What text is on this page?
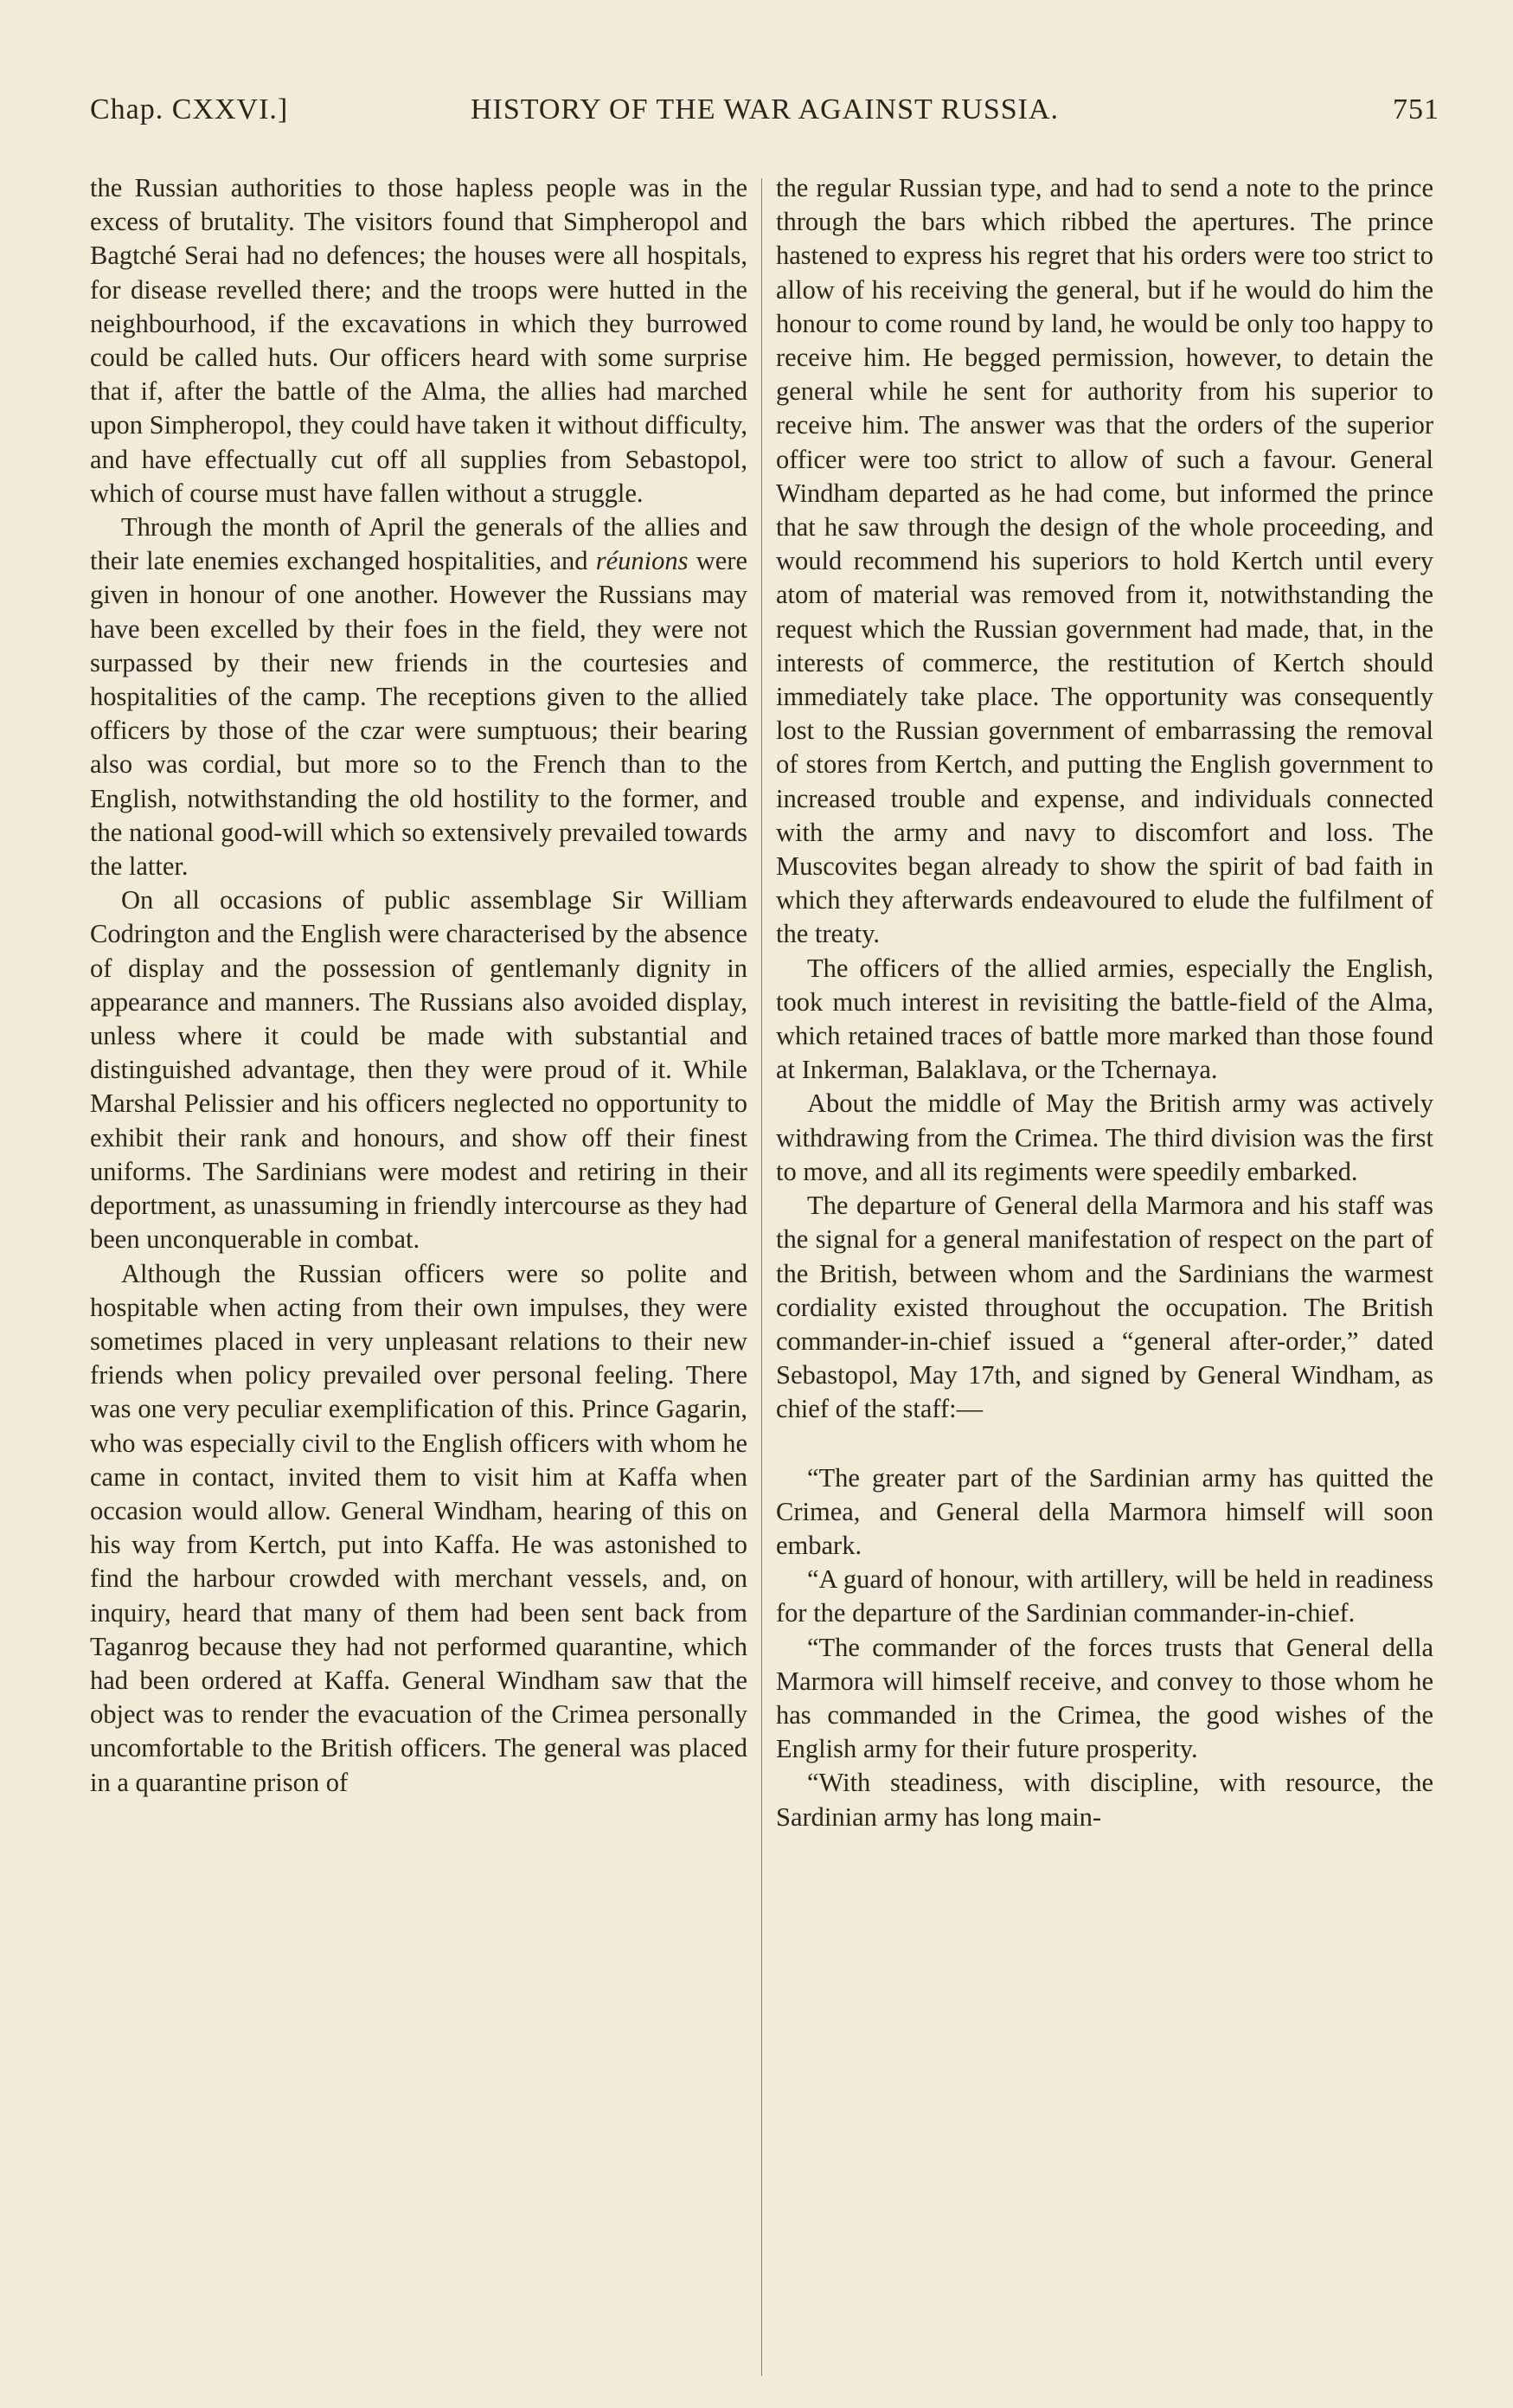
Chap. CXXVI.]	HISTORY OF THE WAR AGAINST RUSSIA.	751

the Russian authorities to those hapless people was in the excess of brutality. The visitors found that Simpheropol and Bagtché Serai had no defences; the houses were all hospitals, for disease revelled there; and the troops were hutted in the neighbourhood, if the excavations in which they burrowed could be called huts. Our officers heard with some surprise that if, after the battle of the Alma, the allies had marched upon Simpheropol, they could have taken it without difficulty, and have effectually cut off all supplies from Sebastopol, which of course must have fallen without a struggle.

Through the month of April the generals of the allies and their late enemies exchanged hospitalities, and réunions were given in honour of one another. However the Russians may have been excelled by their foes in the field, they were not surpassed by their new friends in the courtesies and hospitalities of the camp. The receptions given to the allied officers by those of the czar were sumptuous; their bearing also was cordial, but more so to the French than to the English, notwithstanding the old hostility to the former, and the national good-will which so extensively prevailed towards the latter.

On all occasions of public assemblage Sir William Codrington and the English were characterised by the absence of display and the possession of gentlemanly dignity in appearance and manners. The Russians also avoided display, unless where it could be made with substantial and distinguished advantage, then they were proud of it. While Marshal Pelissier and his officers neglected no opportunity to exhibit their rank and honours, and show off their finest uniforms. The Sardinians were modest and retiring in their deportment, as unassuming in friendly intercourse as they had been unconquerable in combat.

Although the Russian officers were so polite and hospitable when acting from their own impulses, they were sometimes placed in very unpleasant relations to their new friends when policy prevailed over personal feeling. There was one very peculiar exemplification of this. Prince Gagarin, who was especially civil to the English officers with whom he came in contact, invited them to visit him at Kaffa when occasion would allow. General Windham, hearing of this on his way from Kertch, put into Kaffa. He was astonished to find the harbour crowded with merchant vessels, and, on inquiry, heard that many of them had been sent back from Taganrog because they had not performed quarantine, which had been ordered at Kaffa. General Windham saw that the object was to render the evacuation of the Crimea personally uncomfortable to the British officers. The general was placed in a quarantine prison of

the regular Russian type, and had to send a note to the prince through the bars which ribbed the apertures. The prince hastened to express his regret that his orders were too strict to allow of his receiving the general, but if he would do him the honour to come round by land, he would be only too happy to receive him. He begged permission, however, to detain the general while he sent for authority from his superior to receive him. The answer was that the orders of the superior officer were too strict to allow of such a favour. General Windham departed as he had come, but informed the prince that he saw through the design of the whole proceeding, and would recommend his superiors to hold Kertch until every atom of material was removed from it, notwithstanding the request which the Russian government had made, that, in the interests of commerce, the restitution of Kertch should immediately take place. The opportunity was consequently lost to the Russian government of embarrassing the removal of stores from Kertch, and putting the English government to increased trouble and expense, and individuals connected with the army and navy to discomfort and loss. The Muscovites began already to show the spirit of bad faith in which they afterwards endeavoured to elude the fulfilment of the treaty.

The officers of the allied armies, especially the English, took much interest in revisiting the battle-field of the Alma, which retained traces of battle more marked than those found at Inkerman, Balaklava, or the Tchernaya.

About the middle of May the British army was actively withdrawing from the Crimea. The third division was the first to move, and all its regiments were speedily embarked.

The departure of General della Marmora and his staff was the signal for a general manifestation of respect on the part of the British, between whom and the Sardinians the warmest cordiality existed throughout the occupation. The British commander-in-chief issued a “general after-order,” dated Sebastopol, May 17th, and signed by General Windham, as chief of the staff:—

“The greater part of the Sardinian army has quitted the Crimea, and General della Marmora himself will soon embark.

“A guard of honour, with artillery, will be held in readiness for the departure of the Sardinian commander-in-chief.

“The commander of the forces trusts that General della Marmora will himself receive, and convey to those whom he has commanded in the Crimea, the good wishes of the English army for their future prosperity.

“With steadiness, with discipline, with resource, the Sardinian army has long main-
